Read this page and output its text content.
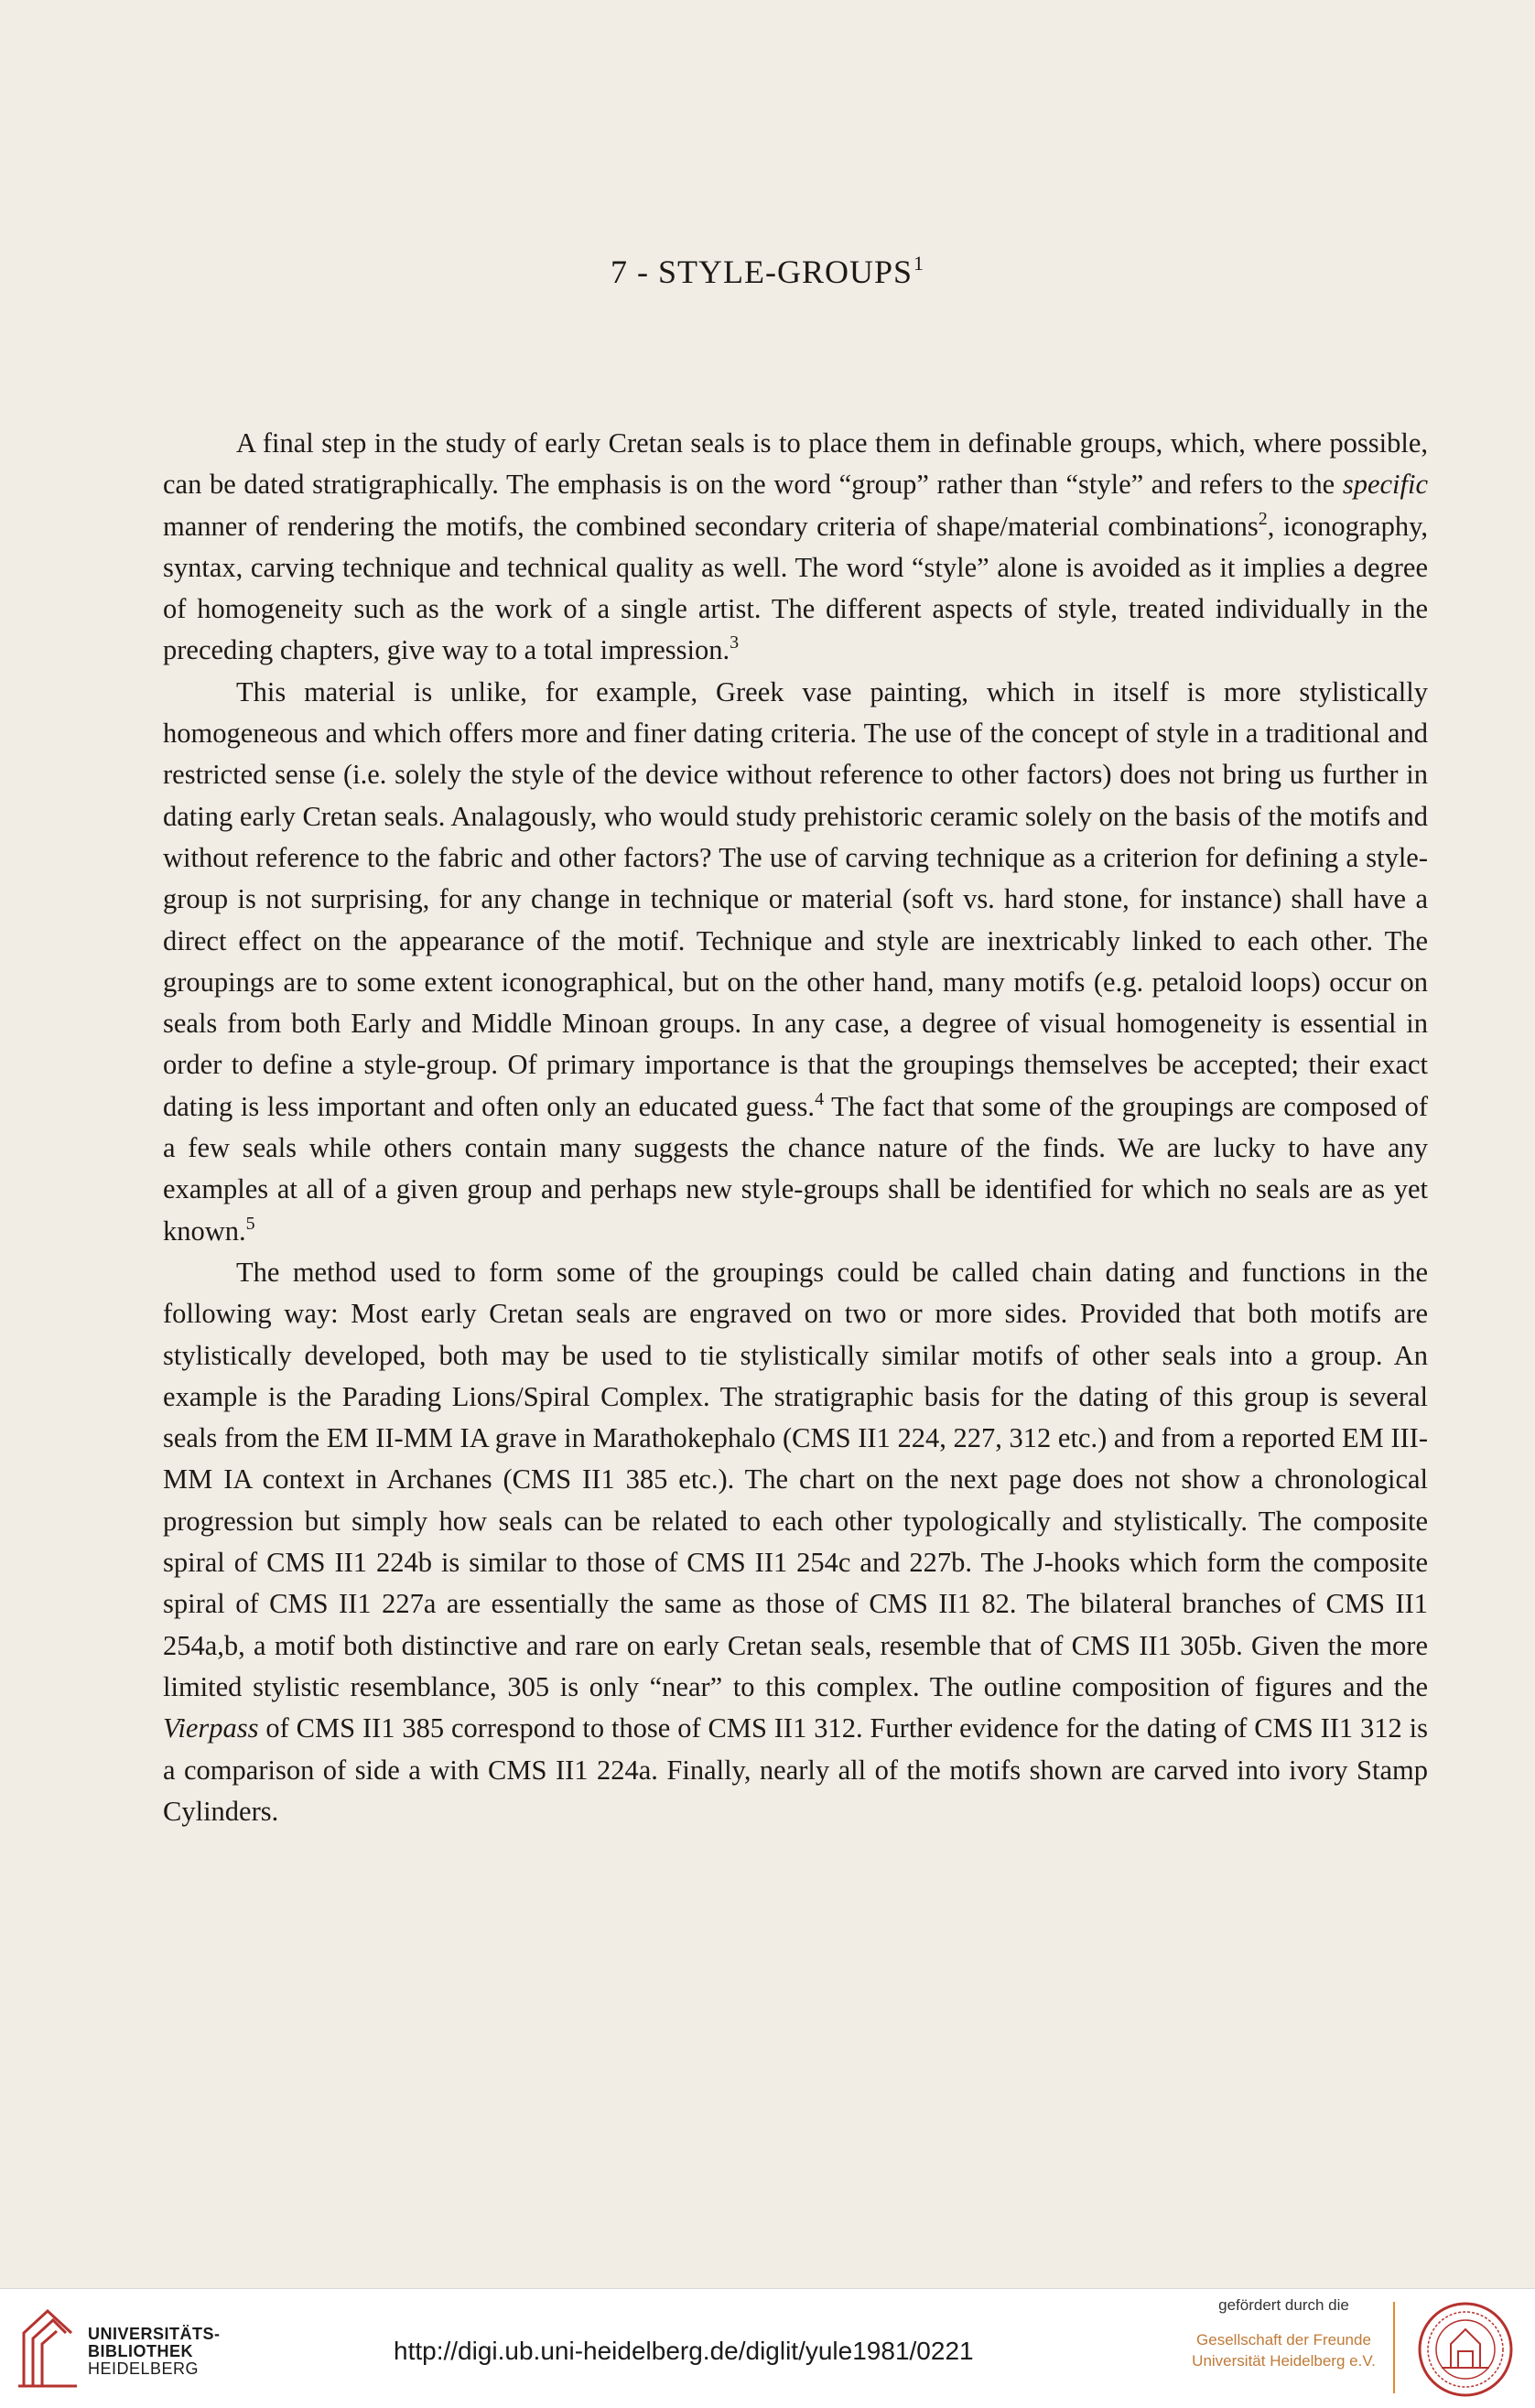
7 - STYLE-GROUPS$^1$

A final step in the study of early Cretan seals is to place them in definable groups, which, where possible, can be dated stratigraphically. The emphasis is on the word “group” rather than “style” and refers to the specific manner of rendering the motifs, the combined secondary criteria of shape/material combinations$^2$, iconography, syntax, carving technique and technical quality as well. The word “style” alone is avoided as it implies a degree of homogeneity such as the work of a single artist. The different aspects of style, treated individually in the preceding chapters, give way to a total impression.$^3$

This material is unlike, for example, Greek vase painting, which in itself is more stylistically homogeneous and which offers more and finer dating criteria. The use of the concept of style in a traditional and restricted sense (i.e. solely the style of the device without reference to other factors) does not bring us further in dating early Cretan seals. Analagously, who would study prehistoric ceramic solely on the basis of the motifs and without reference to the fabric and other factors? The use of carving technique as a criterion for defining a style-group is not surprising, for any change in technique or material (soft vs. hard stone, for instance) shall have a direct effect on the appearance of the motif. Technique and style are inextricably linked to each other. The groupings are to some extent iconographical, but on the other hand, many motifs (e.g. petaloid loops) occur on seals from both Early and Middle Minoan groups. In any case, a degree of visual homogeneity is essential in order to define a style-group. Of primary importance is that the groupings themselves be accepted; their exact dating is less important and often only an educated guess.$^4$ The fact that some of the groupings are composed of a few seals while others contain many suggests the chance nature of the finds. We are lucky to have any examples at all of a given group and perhaps new style-groups shall be identified for which no seals are as yet known.$^5$

The method used to form some of the groupings could be called chain dating and functions in the following way: Most early Cretan seals are engraved on two or more sides. Provided that both motifs are stylistically developed, both may be used to tie stylistically similar motifs of other seals into a group. An example is the Parading Lions/Spiral Complex. The stratigraphic basis for the dating of this group is several seals from the EM II-MM IA grave in Marathokephalo (CMS II1 224, 227, 312 etc.) and from a reported EM III-MM IA context in Archanes (CMS II1 385 etc.). The chart on the next page does not show a chronological progression but simply how seals can be related to each other typologically and stylistically. The composite spiral of CMS II1 224b is similar to those of CMS II1 254c and 227b. The J-hooks which form the composite spiral of CMS II1 227a are essentially the same as those of CMS II1 82. The bilateral branches of CMS II1 254a,b, a motif both distinctive and rare on early Cretan seals, resemble that of CMS II1 305b. Given the more limited stylistic resemblance, 305 is only “near” to this complex. The outline composition of figures and the Vierpass of CMS II1 385 correspond to those of CMS II1 312. Further evidence for the dating of CMS II1 312 is a comparison of side a with CMS II1 224a. Finally, nearly all of the motifs shown are carved into ivory Stamp Cylinders.

UNIVERSITÄTS-
BIBLIOTHEK
HEIDELBERG
http://digi.ub.uni-heidelberg.de/diglit/yule1981/0221
gefördert durch die
Gesellschaft der Freunde
Universität Heidelberg e.V.
